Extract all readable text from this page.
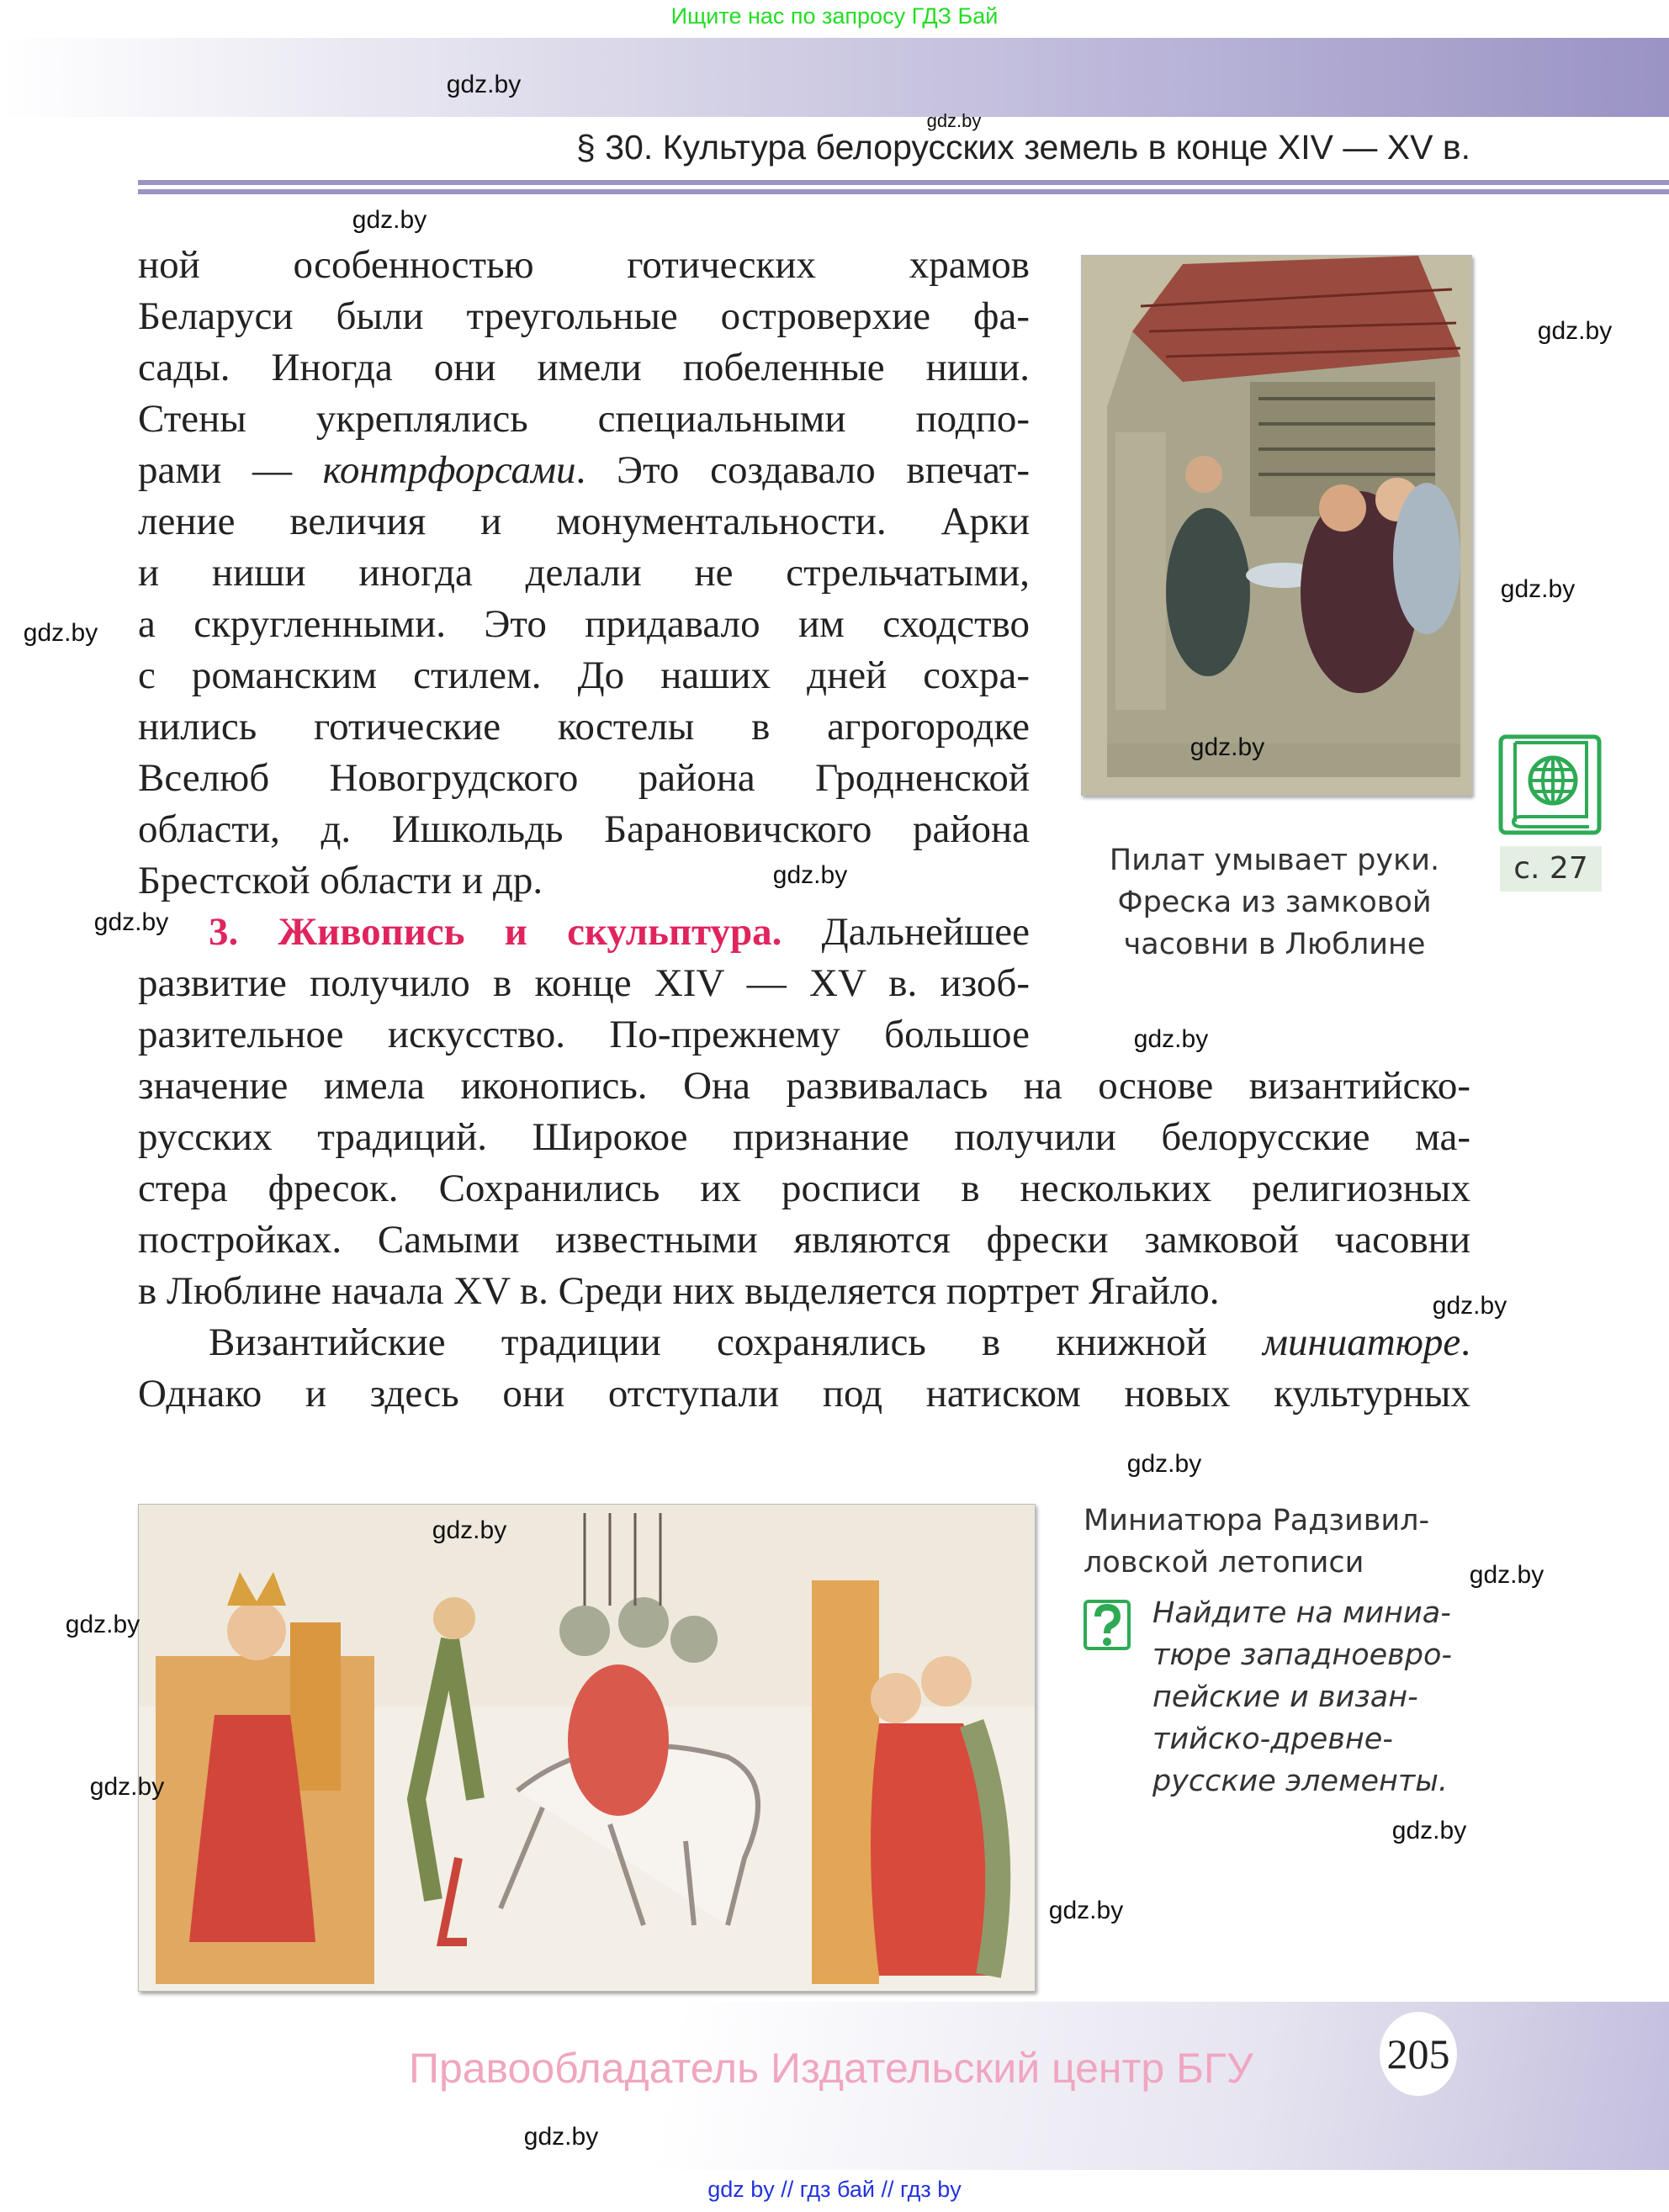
Ищите нас по запросу ГДЗ Бай
§ 30. Культура белорусских земель в конце XIV — XV в.
ной особенностью готических храмов
Беларуси были треугольные островерхие фа-
сады. Иногда они имели побеленные ниши.
Стены укреплялись специальными подпо-
рами — контрфорсами. Это создавало впечат-
ление величия и монументальности. Арки
и ниши иногда делали не стрельчатыми,
а скругленными. Это придавало им сходство
с романским стилем. До наших дней сохра-
нились готические костелы в агрогородке
Вселюб Новогрудского района Гродненской
области, д. Ишкольдь Барановичского района
Брестской области и др.
3. Живопись и скульптура. Дальнейшее
развитие получило в конце XIV — XV в. изоб-
разительное искусство. По-прежнему большое
значение имела иконопись. Она развивалась на основе византийско-
русских традиций. Широкое признание получили белорусские ма-
стера фресок. Сохранились их росписи в нескольких религиозных
постройках. Самыми известными являются фрески замковой часовни
в Люблине начала XV в. Среди них выделяется портрет Ягайло.
Византийские традиции сохранялись в книжной миниатюре.
Однако и здесь они отступали под натиском новых культурных
Пилат умывает руки.
Фреска из замковой
часовни в Люблине
с. 27
Миниатюра Радзивил-
ловской летописи
Найдите на миниа-
тюре западноевро-
пейские и визан-
тийско-древне-
русские элементы.
Правообладатель Издательский центр БГУ	205
gdz by // гдз бай // гдз by
gdz.by
gdz.by
gdz.by
gdz.by
gdz.by
gdz.by
gdz.by
gdz.by
gdz.by
gdz.by
gdz.by
gdz.by
gdz.by
gdz.by
gdz.by
gdz.by
gdz.by
gdz.by
gdz.by
